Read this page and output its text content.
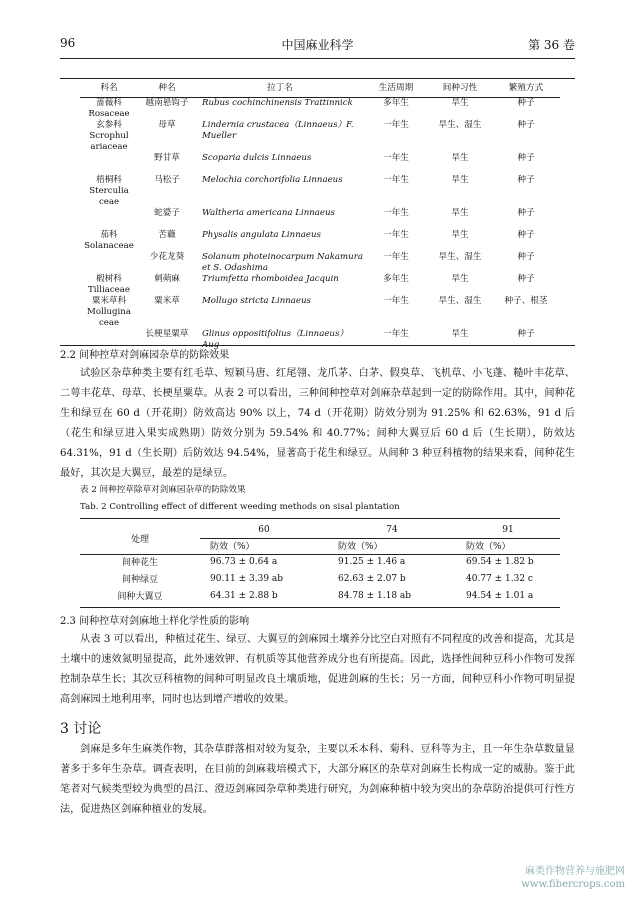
96	中国麻业科学	第 36 卷
科名	种名	拉丁名	生活周期	间种习性	繁殖方式

蔷薇科
Rosaceae	越南悬钩子	Rubus cochinchinensis Trattinnick	多年生	旱生	种子

玄参科
Scrophul ariaceae	母草	Lindernia crustacea（Linnaeus）F. Mueller	一年生	旱生、湿生	种子

	野甘草	Scoparia dulcis Linnaeus	一年生	旱生	种子

梧桐科
Sterculia ceae	马松子	Melochia corchorifolia Linnaeus	一年生	旱生	种子

	蛇婆子	Waltheria americana Linnaeus	一年生	旱生	种子

茄科
Solanaceae	苦蘵	Physalis angulata Linnaeus	一年生	旱生	种子

	少花龙葵	Solanum photeinocarpum Nakamura et S. Odashima	一年生	旱生、湿生	种子

椴树科
Tilliaceae	刺蒴麻	Triumfetta rhomboidea Jacquin	多年生	旱生	种子

粟米草科
Mollugina ceae	粟米草	Mollugo stricta Linnaeus	一年生	旱生、湿生	种子、根茎

	长梗星粟草	Glinus oppositifolius（Linnaeus）Aug	一年生	旱生	种子
2.2 间种控草对剑麻园杂草的防除效果

试验区杂草种类主要有红毛草、短颖马唐、红尾翎、龙爪茅、白茅、假臭草、飞机草、小飞蓬、糙叶丰花草、二萼丰花草、母草、长梗星粟草。从表 2 可以看出，三种间种控草对剑麻杂草起到一定的防除作用。其中，间种花生和绿豆在 60 d（开花期）防效高达 90% 以上，74 d（开花期）防效分别为 91.25% 和 62.63%，91 d 后（花生和绿豆进入果实成熟期）防效分别为 59.54% 和 40.77%；间种大翼豆后 60 d 后（生长期），防效达 64.31%，91 d（生长期）后防效达 94.54%，显著高于花生和绿豆。从间种 3 种豆科植物的结果来看，间种花生最好，其次是大翼豆，最差的是绿豆。

表 2 间种控草除草对剑麻园杂草的防除效果
Tab. 2 Controlling effect of different weeding methods on sisal plantation
处理	60	74	91
	防效（%）	防效（%）	防效（%）
间种花生	96.73 ± 0.64 a	91.25 ± 1.46 a	69.54 ± 1.82 b
间种绿豆	90.11 ± 3.39 ab	62.63 ± 2.07 b	40.77 ± 1.32 c
间种大翼豆	64.31 ± 2.88 b	84.78 ± 1.18 ab	94.54 ± 1.01 a
2.3 间种控草对剑麻地土样化学性质的影响

从表 3 可以看出，种植过花生、绿豆、大翼豆的剑麻园土壤养分比空白对照有不同程度的改善和提高，尤其是土壤中的速效氮明显提高，此外速效钾、有机质等其他营养成分也有所提高。因此，选择性间种豆科小作物可发挥控制杂草生长；其次豆科植物的间种可明显改良土壤质地，促进剑麻的生长；另一方面，间种豆科小作物可明显提高剑麻园土地利用率，同时也达到增产增收的效果。

3 讨论

剑麻是多年生麻类作物，其杂草群落相对较为复杂，主要以禾本科、菊科、豆科等为主，且一年生杂草数量显著多于多年生杂草。调查表明，在目前的剑麻栽培模式下，大部分麻区的杂草对剑麻生长构成一定的威胁。鉴于此笔者对气候类型较为典型的昌江、澄迈剑麻园杂草种类进行研究，为剑麻种植中较为突出的杂草防治提供可行性方法，促进热区剑麻种植业的发展。

麻类作物营养与施肥网
www.fibercrops.com
